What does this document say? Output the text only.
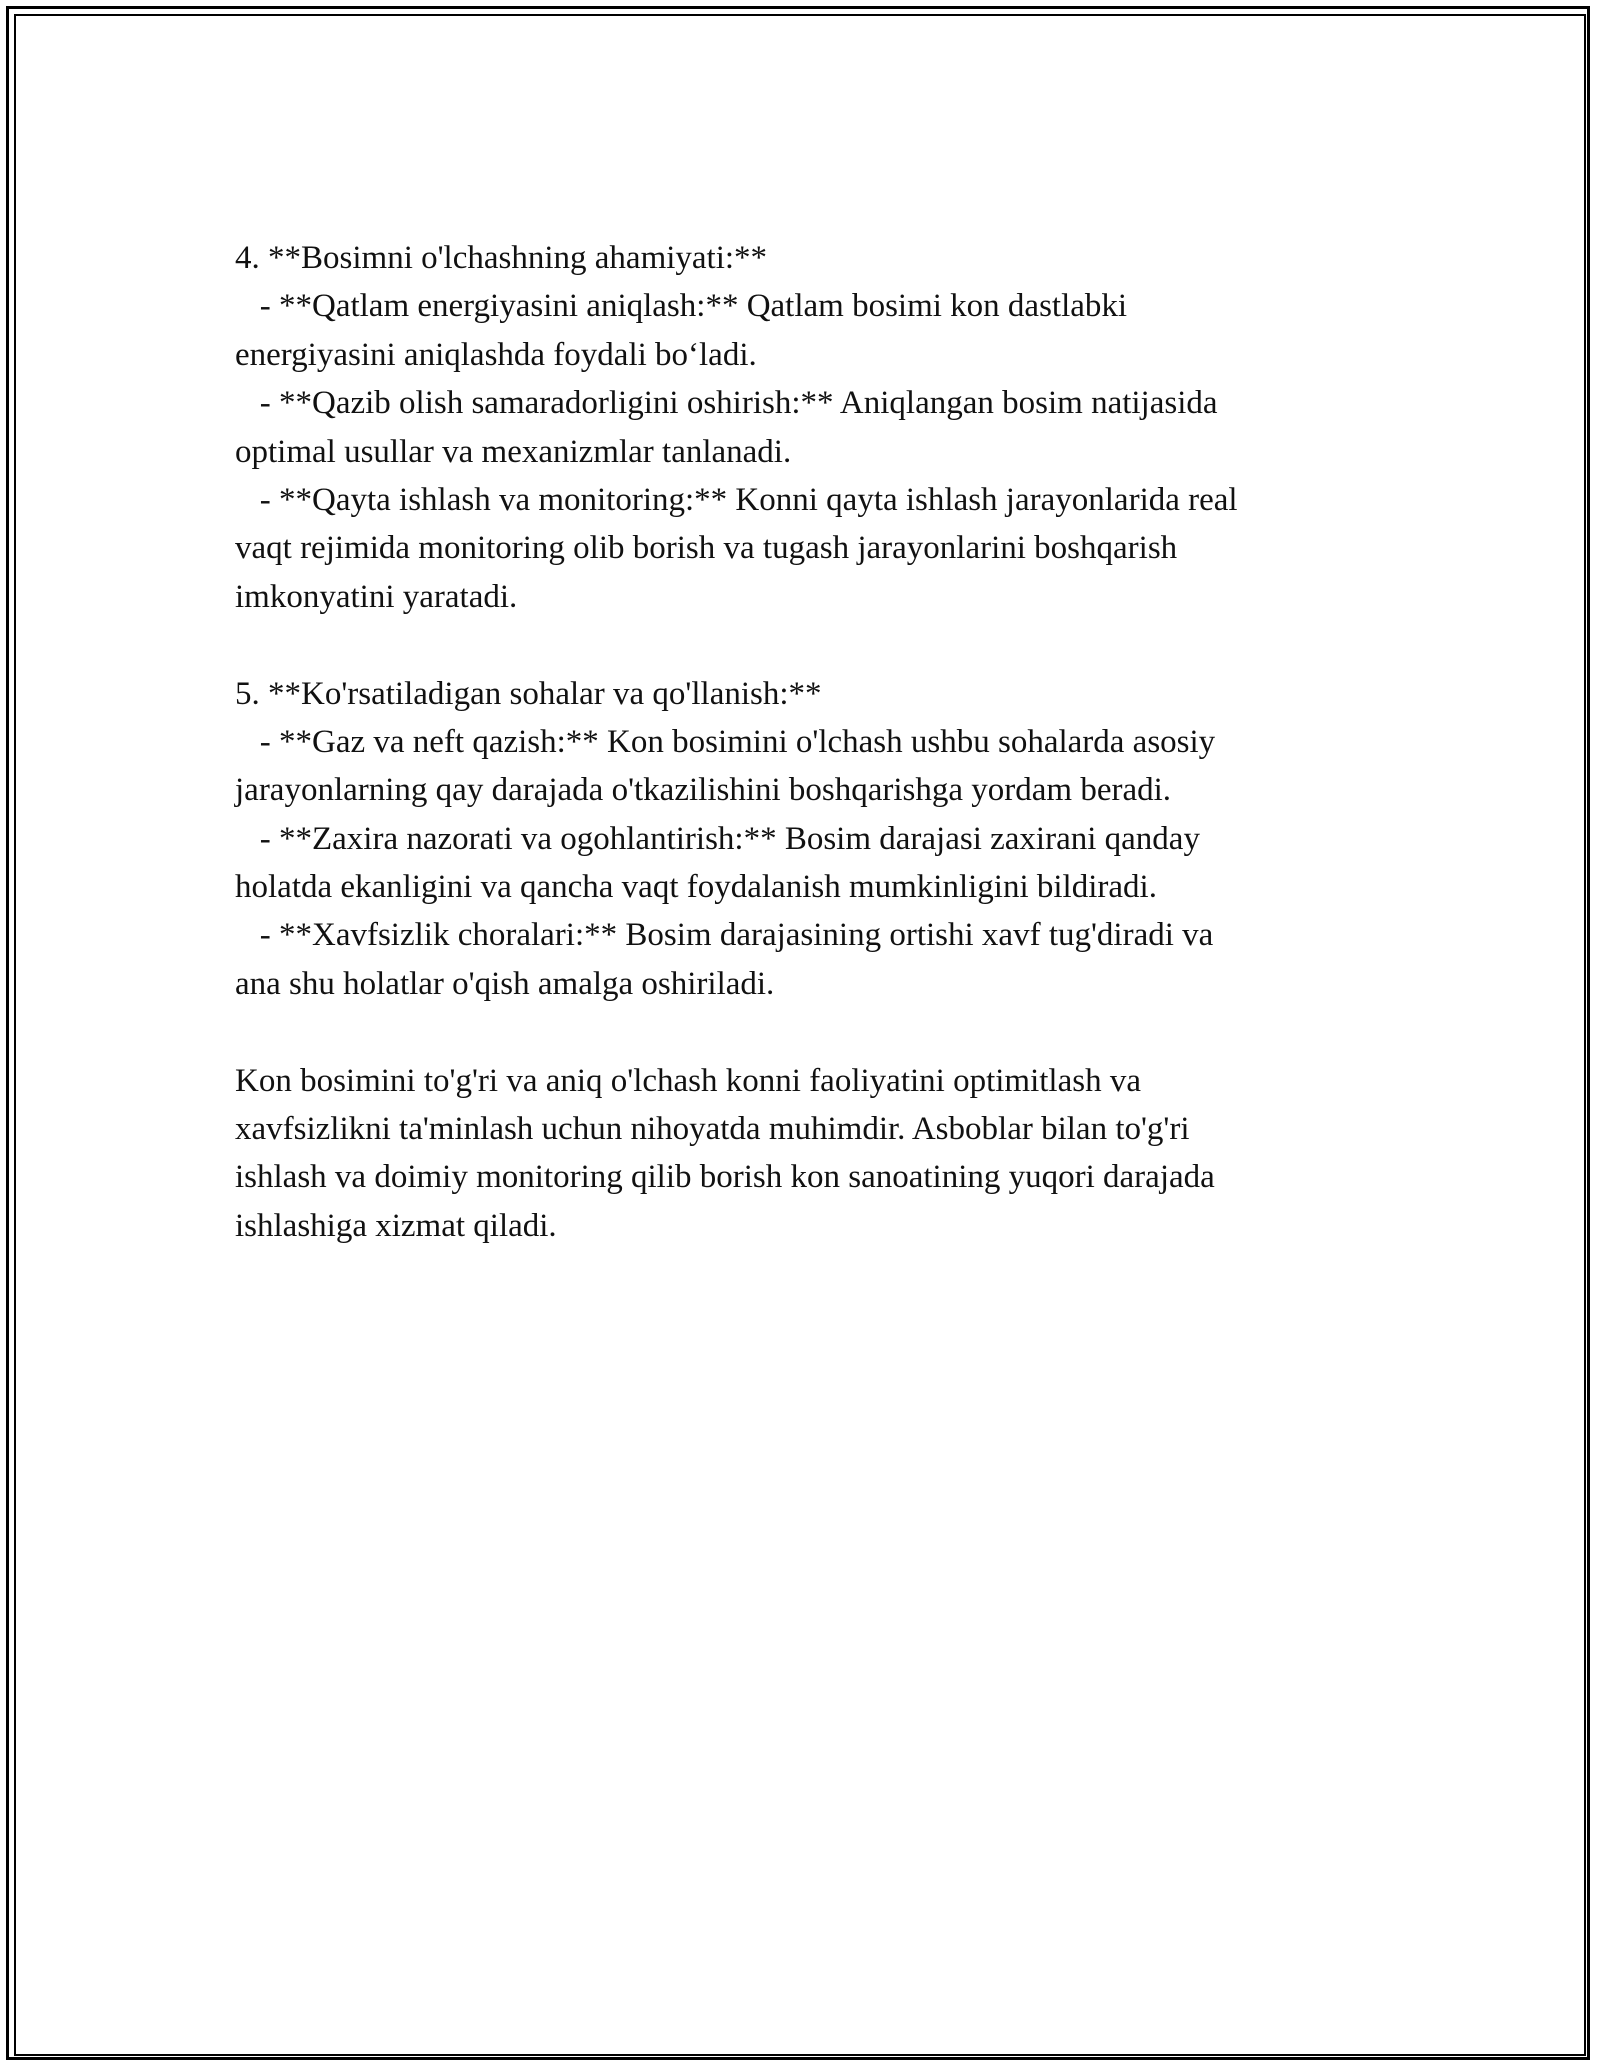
4. **Bosimni o'lchashning ahamiyati:**
- **Qatlam energiyasini aniqlash:** Qatlam bosimi kon dastlabki
energiyasini aniqlashda foydali bo‘ladi.
- **Qazib olish samaradorligini oshirish:** Aniqlangan bosim natijasida
optimal usullar va mexanizmlar tanlanadi.
- **Qayta ishlash va monitoring:** Konni qayta ishlash jarayonlarida real
vaqt rejimida monitoring olib borish va tugash jarayonlarini boshqarish
imkonyatini yaratadi.
5. **Ko'rsatiladigan sohalar va qo'llanish:**
- **Gaz va neft qazish:** Kon bosimini o'lchash ushbu sohalarda asosiy
jarayonlarning qay darajada o'tkazilishini boshqarishga yordam beradi.
- **Zaxira nazorati va ogohlantirish:** Bosim darajasi zaxirani qanday
holatda ekanligini va qancha vaqt foydalanish mumkinligini bildiradi.
- **Xavfsizlik choralari:** Bosim darajasining ortishi xavf tug'diradi va
ana shu holatlar o'qish amalga oshiriladi.
Kon bosimini to'g'ri va aniq o'lchash konni faoliyatini optimitlash va
xavfsizlikni ta'minlash uchun nihoyatda muhimdir. Asboblar bilan to'g'ri
ishlash va doimiy monitoring qilib borish kon sanoatining yuqori darajada
ishlashiga xizmat qiladi.
